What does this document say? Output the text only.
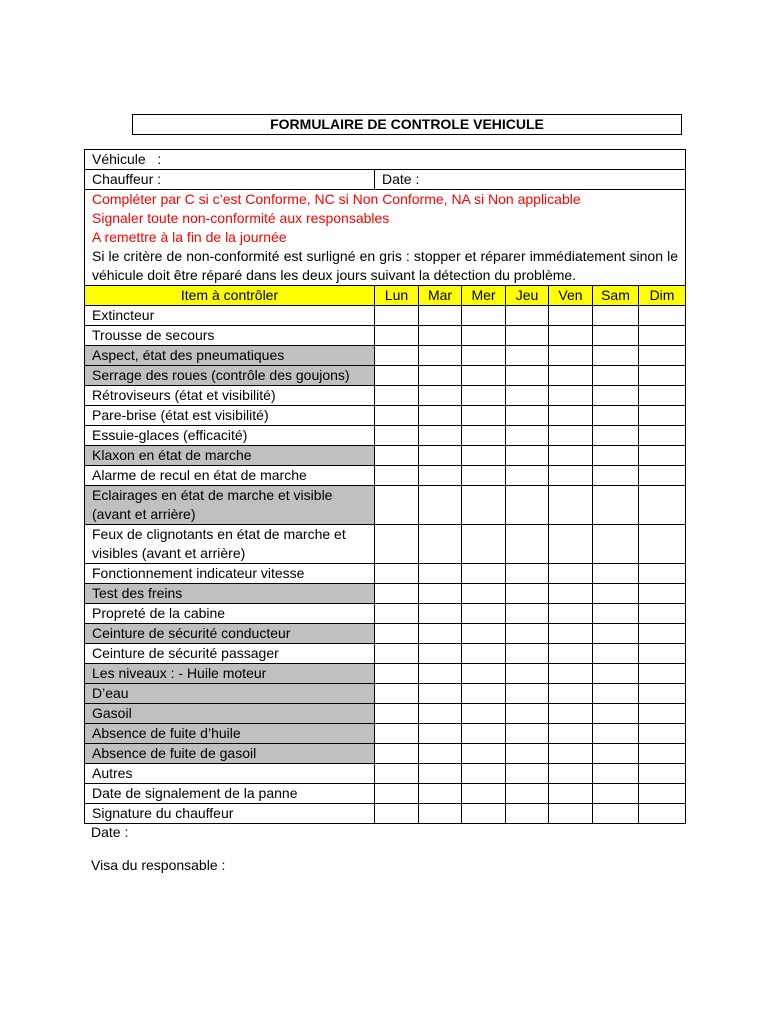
FORMULAIRE DE CONTROLE VEHICULE
Véhicule   :							
Chauffeur :	Date :						

Compléter par C si c’est Conforme, NC si Non Conforme, NA si Non applicable
Signaler toute non-conformité aux responsables
A remettre à la fin de la journée
Si le critère de non-conformité est surligné en gris : stopper et réparer immédiatement sinon le véhicule doit être réparé dans les deux jours suivant la détection du problème.							

Item à contrôler	Lun	Mar	Mer	Jeu	Ven	Sam	Dim
Extincteur							
Trousse de secours							
Aspect, état des pneumatiques							
Serrage des roues (contrôle des goujons)							
Rétroviseurs (état et visibilité)							
Pare-brise (état est visibilité)							
Essuie-glaces (efficacité)							
Klaxon en état de marche							
Alarme de recul en état de marche							
Eclairages en état de marche et visible (avant et arrière)							
Feux de clignotants en état de marche et visibles (avant et arrière)							
Fonctionnement indicateur vitesse							
Test des freins							
Propreté de la cabine							
Ceinture de sécurité conducteur							
Ceinture de sécurité passager							
Les niveaux : - Huile moteur							
D’eau							
Gasoil							
Absence de fuite d’huile							
Absence de fuite de gasoil							
Autres							
Date de signalement de la panne							
Signature du chauffeur							
Date :
Visa du responsable :
